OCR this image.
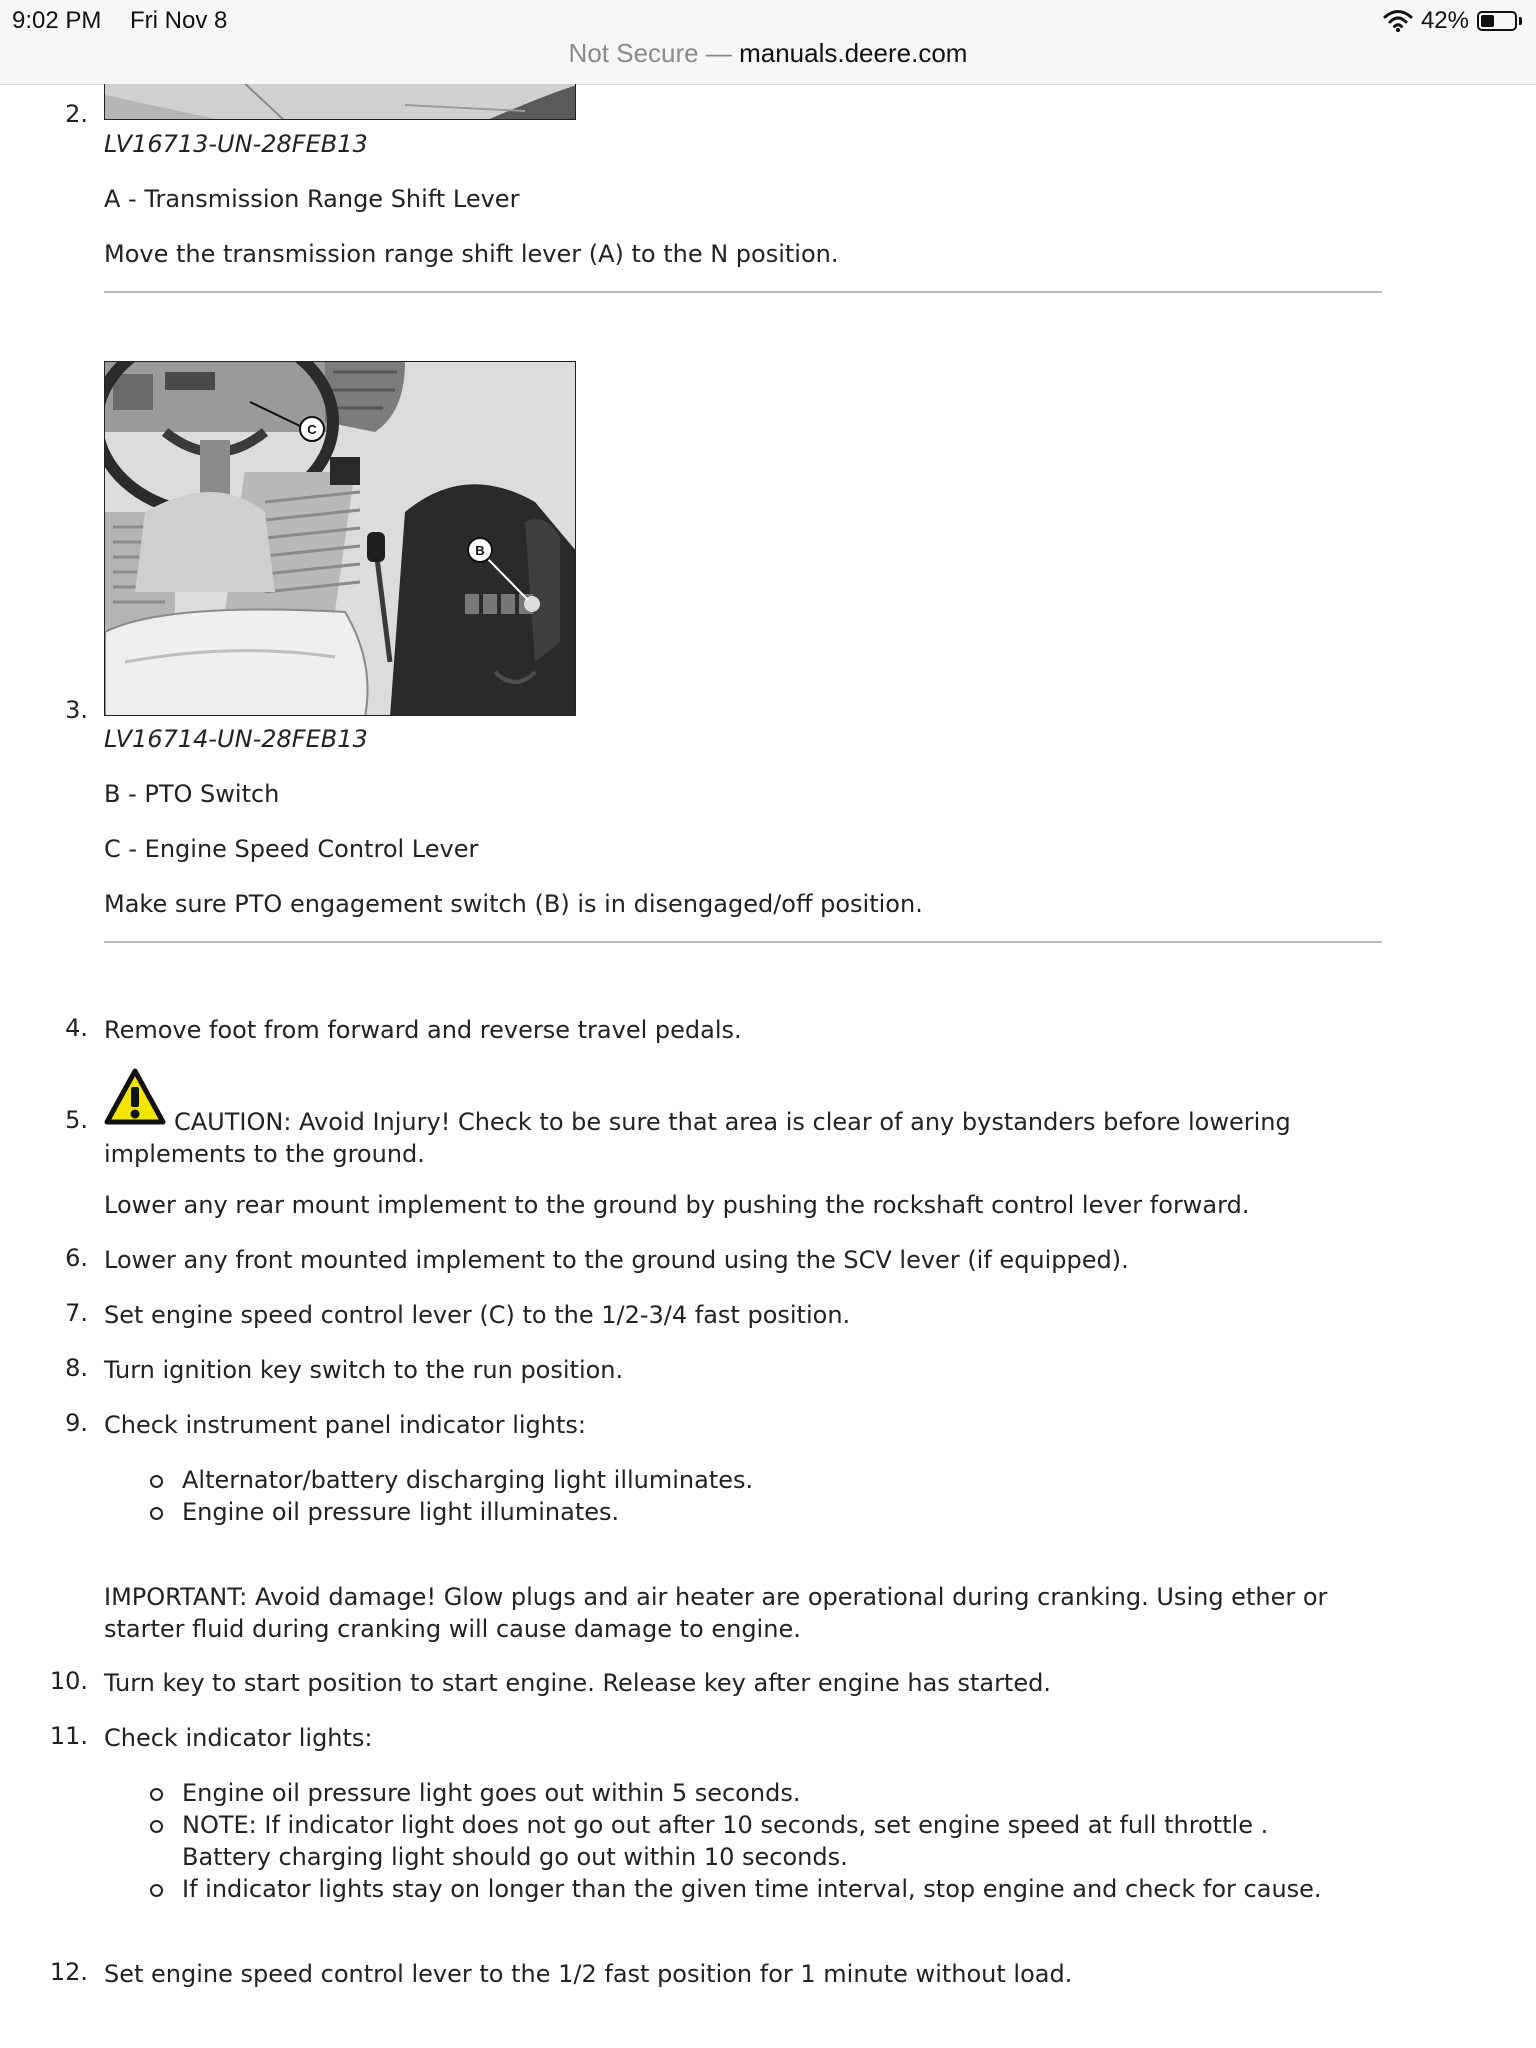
9:02 PM Fri Nov 8	42%
Not Secure — manuals.deere.com
2.
LV16713-UN-28FEB13
A - Transmission Range Shift Lever
Move the transmission range shift lever (A) to the N position.
B
C
3.
LV16714-UN-28FEB13
B - PTO Switch
C - Engine Speed Control Lever
Make sure PTO engagement switch (B) is in disengaged/off position.
4. Remove foot from forward and reverse travel pedals.
5.	CAUTION: Avoid Injury! Check to be sure that area is clear of any bystanders before lowering implements to the ground.
Lower any rear mount implement to the ground by pushing the rockshaft control lever forward.
6. Lower any front mounted implement to the ground using the SCV lever (if equipped).
7. Set engine speed control lever (C) to the 1/2-3/4 fast position.
8. Turn ignition key switch to the run position.
9. Check instrument panel indicator lights:
Alternator/battery discharging light illuminates.
Engine oil pressure light illuminates.
IMPORTANT: Avoid damage! Glow plugs and air heater are operational during cranking. Using ether or starter fluid during cranking will cause damage to engine.
10. Turn key to start position to start engine. Release key after engine has started.
11. Check indicator lights:
Engine oil pressure light goes out within 5 seconds.
NOTE: If indicator light does not go out after 10 seconds, set engine speed at full throttle . Battery charging light should go out within 10 seconds.
If indicator lights stay on longer than the given time interval, stop engine and check for cause.
12. Set engine speed control lever to the 1/2 fast position for 1 minute without load.
